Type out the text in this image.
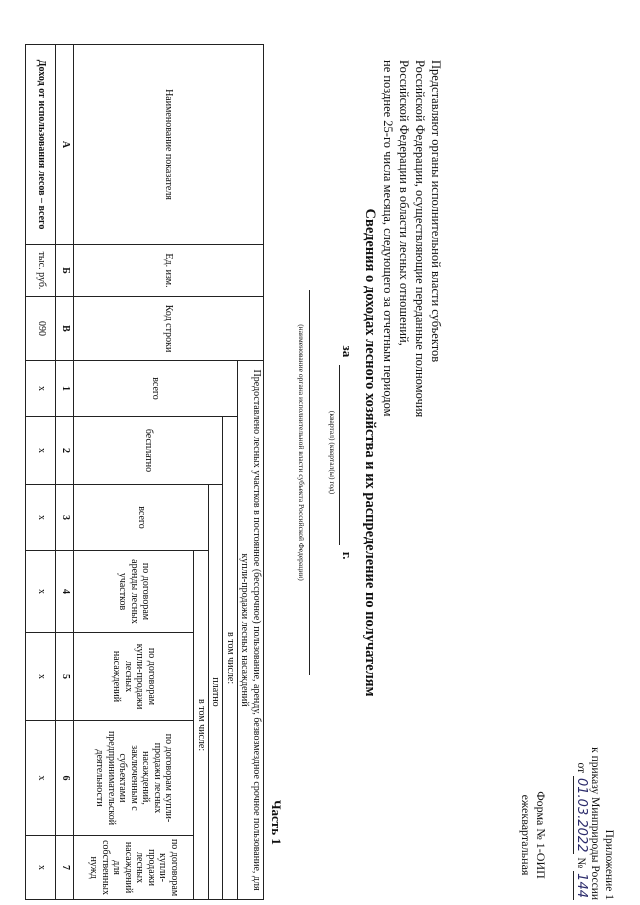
Приложение 1
к приказу Минприроды России
от 01.03.2022 № 144
Форма № 1-ОИП
ежеквартальная
Представляют органы исполнительной власти субъектов
Российской Федерации, осуществляющие переданные полномочия
Российской Федерации в области лесных отношений,
не позднее 25-го числа месяца, следующего за отчетным периодом
Сведения о доходах лесного хозяйства и их распределение по получателям
за  г.
(квартал) (квартал(ы) год)
(наименование органа исполнительной власти субъекта Российской Федерации)
Часть 1
Наименование показателя	Ед. изм.	Код строки	Предоставлено лесных участков в постоянное (бессрочное) пользование, аренду, безвозмездное срочное пользование, для купли-продажи лесных насаждений						
			всего	в том числе:					
				бесплатно	платно				
					всего	в том числе:			
						по договорам аренды лесных участков	по договорам купли-продажи лесных насаждений	по договорам купли-продажи лесных насаждений, заключенным с субъектами предпринимательской деятельности	по договорам купли-продажи лесных насаждений для собственных нужд
А	Б	В	1	2	3	4	5	6	7
Доход от использования лесов – всего	тыс. руб.	090	х	х	х	х	х	х	х
